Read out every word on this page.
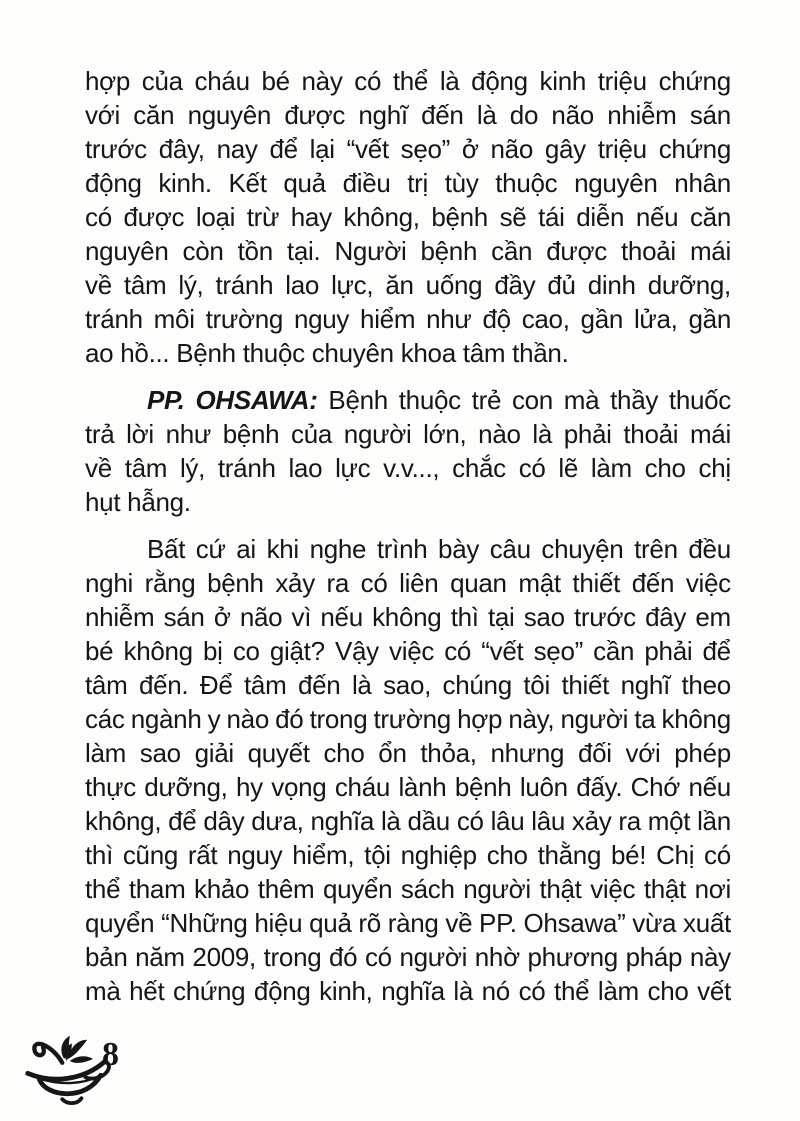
hợp của cháu bé này có thể là động kinh triệu chứng
với căn nguyên được nghĩ đến là do não nhiễm sán
trước đây, nay để lại “vết sẹo” ở não gây triệu chứng
động kinh. Kết quả điều trị tùy thuộc nguyên nhân
có được loại trừ hay không, bệnh sẽ tái diễn nếu căn
nguyên còn tồn tại. Người bệnh cần được thoải mái
về tâm lý, tránh lao lực, ăn uống đầy đủ dinh dưỡng,
tránh môi trường nguy hiểm như độ cao, gần lửa, gần
ao hồ... Bệnh thuộc chuyên khoa tâm thần.
PP. OHSAWA: Bệnh thuộc trẻ con mà thầy thuốc
trả lời như bệnh của người lớn, nào là phải thoải mái
về tâm lý, tránh lao lực v.v..., chắc có lẽ làm cho chị
hụt hẫng.
Bất cứ ai khi nghe trình bày câu chuyện trên đều
nghi rằng bệnh xảy ra có liên quan mật thiết đến việc
nhiễm sán ở não vì nếu không thì tại sao trước đây em
bé không bị co giật? Vậy việc có “vết sẹo” cần phải để
tâm đến. Để tâm đến là sao, chúng tôi thiết nghĩ theo
các ngành y nào đó trong trường hợp này, người ta không
làm sao giải quyết cho ổn thỏa, nhưng đối với phép
thực dưỡng, hy vọng cháu lành bệnh luôn đấy. Chớ nếu
không, để dây dưa, nghĩa là dầu có lâu lâu xảy ra một lần
thì cũng rất nguy hiểm, tội nghiệp cho thằng bé! Chị có
thể tham khảo thêm quyển sách người thật việc thật nơi
quyển “Những hiệu quả rõ ràng về PP. Ohsawa” vừa xuất
bản năm 2009, trong đó có người nhờ phương pháp này
mà hết chứng động kinh, nghĩa là nó có thể làm cho vết
8
